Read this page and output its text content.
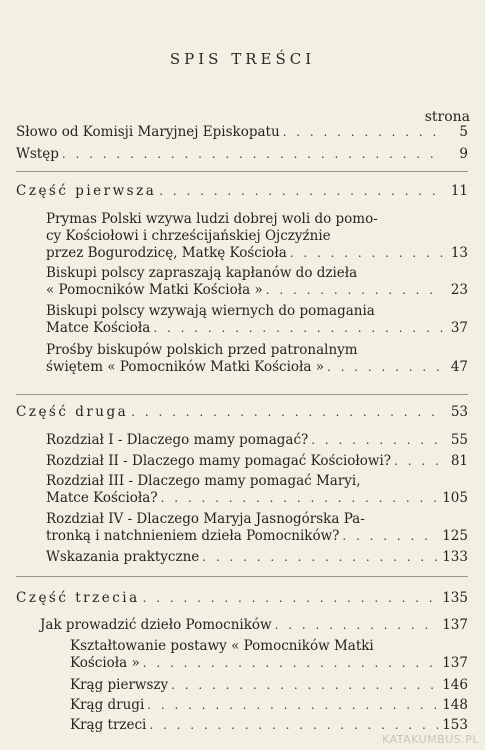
SPIS TREŚCI
strona
Słowo od Komisji Maryjnej Episkopatu . . .	5
Wstęp . . .	9
Część pierwsza . . .	11
Prymas Polski wzywa ludzi dobrej woli do pomo-
cy Kościołowi i chrześcijańskiej Ojczyźnie
przez Bogurodzicę, Matkę Kościoła . . .	13
Biskupi polscy zapraszają kapłanów do dzieła
« Pomocników Matki Kościoła » . . .	23
Biskupi polscy wzywają wiernych do pomagania
Matce Kościoła . . .	37
Prośby biskupów polskich przed patronalnym
świętem « Pomocników Matki Kościoła » . . .	47
Część druga . . .	53
Rozdział I - Dlaczego mamy pomagać? . . .	55
Rozdział II - Dlaczego mamy pomagać Kościołowi? . . .	81
Rozdział III - Dlaczego mamy pomagać Maryi,
Matce Kościoła? . . .	105
Rozdział IV - Dlaczego Maryja Jasnogórska Pa-
tronką i natchnieniem dzieła Pomocników? . . .	125
Wskazania praktyczne . . .	133
Część trzecia . . .	135
Jak prowadzić dzieło Pomocników . . .	137
Kształtowanie postawy « Pomocników Matki
Kościoła » . . .	137
Krąg pierwszy . . .	146
Krąg drugi . . .	148
Krąg trzeci . . .	153
KATAKUMBUS.PL
